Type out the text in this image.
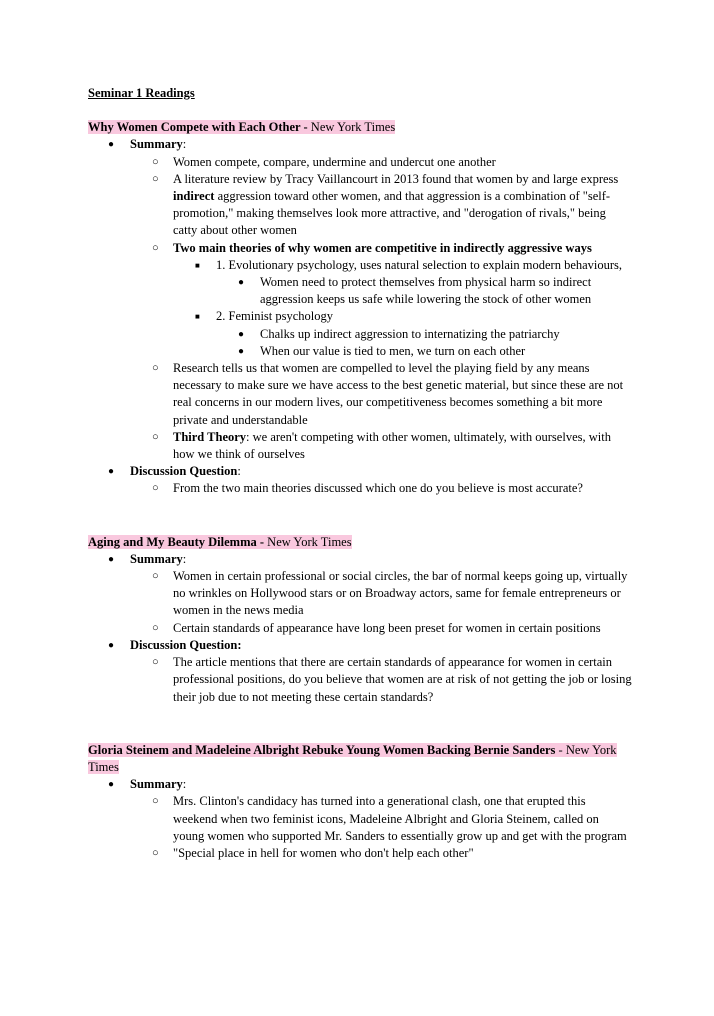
Seminar 1 Readings
Why Women Compete with Each Other - New York Times
● Summary:
○ Women compete, compare, undermine and undercut one another
○ A literature review by Tracy Vaillancourt in 2013 found that women by and large express indirect aggression toward other women, and that aggression is a combination of "self-promotion," making themselves look more attractive, and "derogation of rivals," being catty about other women
○ Two main theories of why women are competitive in indirectly aggressive ways
■ 1. Evolutionary psychology, uses natural selection to explain modern behaviours,
● Women need to protect themselves from physical harm so indirect aggression keeps us safe while lowering the stock of other women
■ 2. Feminist psychology
● Chalks up indirect aggression to internatizing the patriarchy
● When our value is tied to men, we turn on each other
○ Research tells us that women are compelled to level the playing field by any means necessary to make sure we have access to the best genetic material, but since these are not real concerns in our modern lives, our competitiveness becomes something a bit more private and understandable
○ Third Theory: we aren't competing with other women, ultimately, with ourselves, with how we think of ourselves
● Discussion Question:
○ From the two main theories discussed which one do you believe is most accurate?
Aging and My Beauty Dilemma - New York Times
● Summary:
○ Women in certain professional or social circles, the bar of normal keeps going up, virtually no wrinkles on Hollywood stars or on Broadway actors, same for female entrepreneurs or women in the news media
○ Certain standards of appearance have long been preset for women in certain positions
● Discussion Question:
○ The article mentions that there are certain standards of appearance for women in certain professional positions, do you believe that women are at risk of not getting the job or losing their job due to not meeting these certain standards?
Gloria Steinem and Madeleine Albright Rebuke Young Women Backing Bernie Sanders - New York Times
● Summary:
○ Mrs. Clinton's candidacy has turned into a generational clash, one that erupted this weekend when two feminist icons, Madeleine Albright and Gloria Steinem, called on young women who supported Mr. Sanders to essentially grow up and get with the program
○ "Special place in hell for women who don't help each other"
